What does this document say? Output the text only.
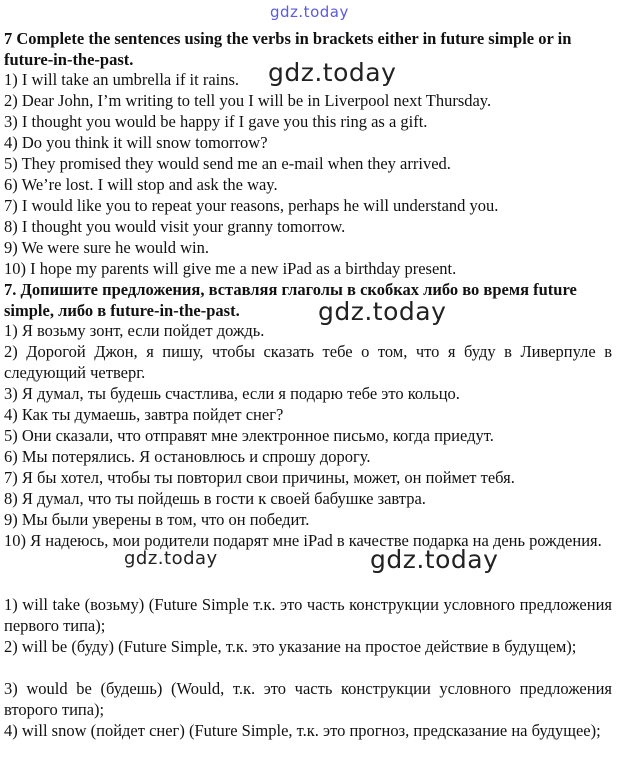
gdz.today

7 Complete the sentences using the verbs in brackets either in future simple or in future-in-the-past.

1) I will take an umbrella if it rains.
2) Dear John, I’m writing to tell you I will be in Liverpool next Thursday.
3) I thought you would be happy if I gave you this ring as a gift.
4) Do you think it will snow tomorrow?
5) They promised they would send me an e-mail when they arrived.
6) We’re lost. I will stop and ask the way.
7) I would like you to repeat your reasons, perhaps he will understand you.
8) I thought you would visit your granny tomorrow.
9) We were sure he would win.
10) I hope my parents will give me a new iPad as a birthday present.

7. Допишите предложения, вставляя глаголы в скобках либо во время future simple, либо в future-in-the-past.

1) Я возьму зонт, если пойдет дождь.
2) Дорогой Джон, я пишу, чтобы сказать тебе о том, что я буду в Ливерпуле в следующий четверг.
3) Я думал, ты будешь счастлива, если я подарю тебе это кольцо.
4) Как ты думаешь, завтра пойдет снег?
5) Они сказали, что отправят мне электронное письмо, когда приедут.
6) Мы потерялись. Я остановлюсь и спрошу дорогу.
7) Я бы хотел, чтобы ты повторил свои причины, может, он поймет тебя.
8) Я думал, что ты пойдешь в гости к своей бабушке завтра.
9) Мы были уверены в том, что он победит.
10) Я надеюсь, мои родители подарят мне iPad в качестве подарка на день рождения.
1) will take (возьму) (Future Simple т.к. это часть конструкции условного предложения первого типа);
2) will be (буду) (Future Simple, т.к. это указание на простое действие в будущем);
3) would be (будешь) (Would, т.к. это часть конструкции условного предложения второго типа);
4) will snow (пойдет снег) (Future Simple, т.к. это прогноз, предсказание на будущее);
gdz.today
gdz.today
gdz.today	gdz.today
